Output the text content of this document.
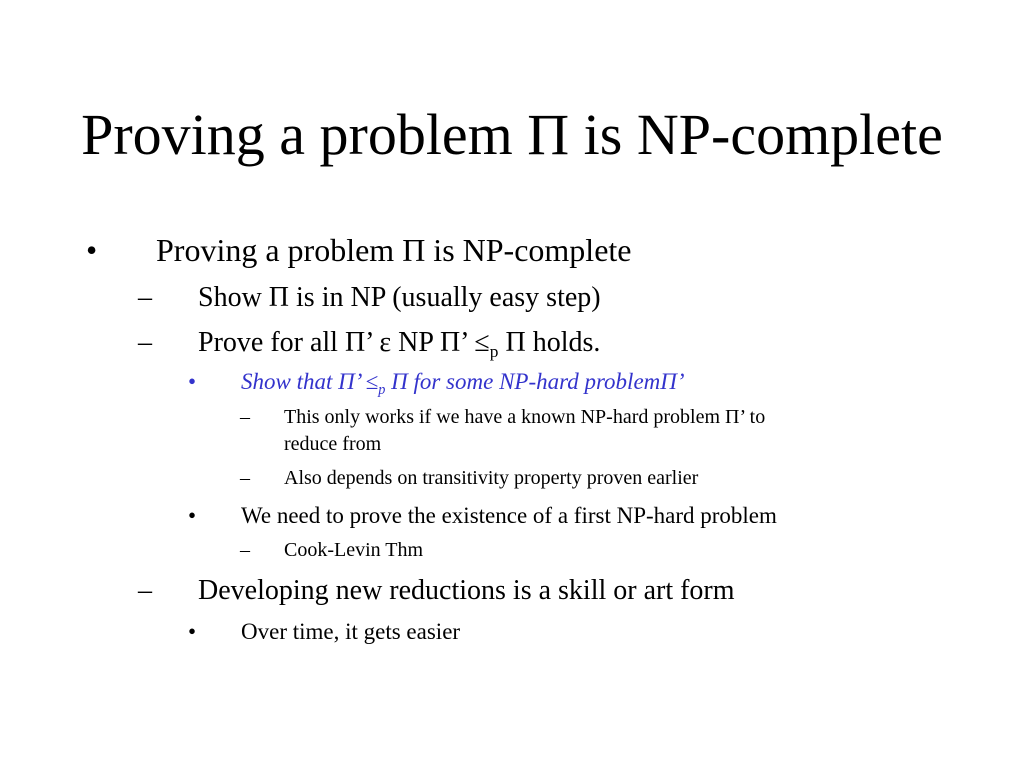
Proving a problem Π is NP-complete
• Proving a problem Π is NP-complete
– Show Π is in NP (usually easy step)
– Prove for all Π’ ε NP Π’ $\le_p$ Π holds.
• Show that Π’ $\le_p$ Π for some NP-hard problemΠ’
– This only works if we have a known NP-hard problem Π’ to
reduce from
– Also depends on transitivity property proven earlier
• We need to prove the existence of a first NP-hard problem
– Cook-Levin Thm
– Developing new reductions is a skill or art form
• Over time, it gets easier
